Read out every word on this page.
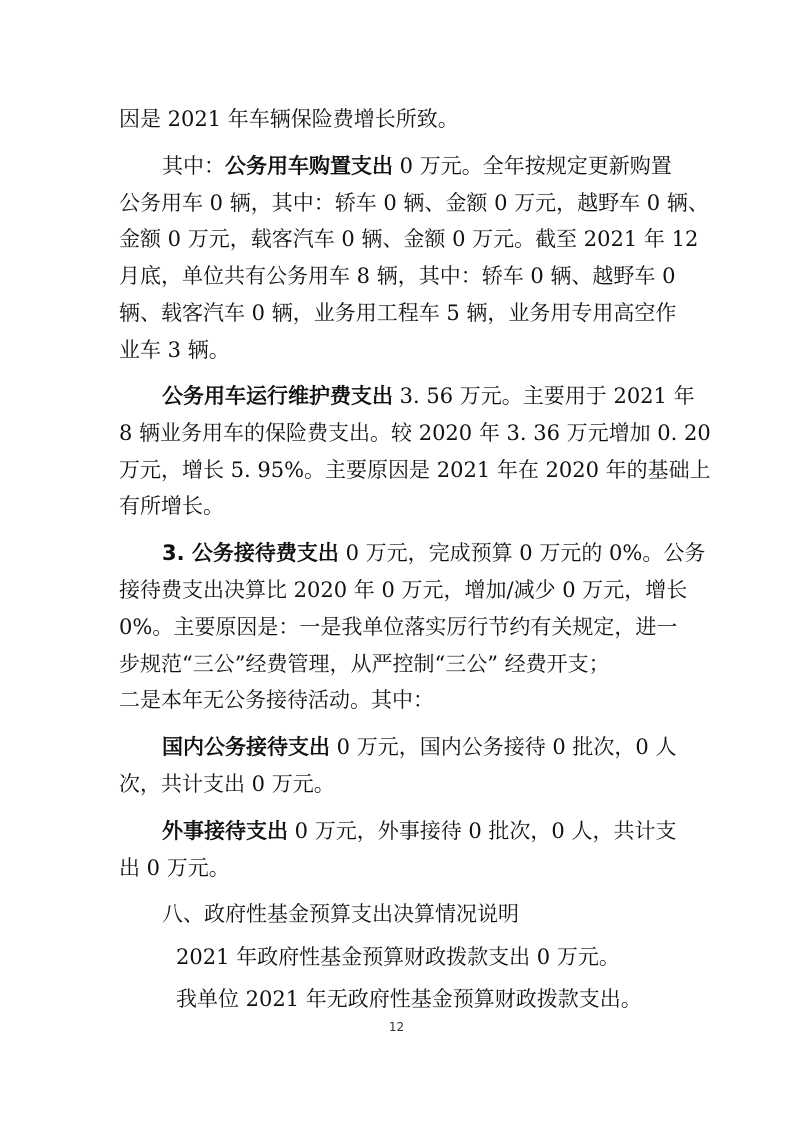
因是 2021 年车辆保险费增长所致。
其中：公务用车购置支出 0 万元。全年按规定更新购置
公务用车 0 辆，其中：轿车 0 辆、金额 0 万元，越野车 0 辆、
金额 0 万元，载客汽车 0 辆、金额 0 万元。截至 2021 年 12
月底，单位共有公务用车 8 辆，其中：轿车 0 辆、越野车 0
辆、载客汽车 0 辆，业务用工程车 5 辆，业务用专用高空作
业车 3 辆。
公务用车运行维护费支出 3. 56 万元。主要用于 2021 年
8 辆业务用车的保险费支出。较 2020 年 3. 36 万元增加 0. 20
万元，增长 5. 95%。主要原因是 2021 年在 2020 年的基础上
有所增长。
3. 公务接待费支出 0 万元，完成预算 0 万元的 0%。公务
接待费支出决算比 2020 年 0 万元，增加/减少 0 万元，增长
0%。主要原因是：一是我单位落实厉行节约有关规定，进一
步规范“三公”经费管理，从严控制“三公” 经费开支；
二是本年无公务接待活动。其中：
国内公务接待支出 0 万元，国内公务接待 0 批次，0 人
次，共计支出 0 万元。
外事接待支出 0 万元，外事接待 0 批次，0 人，共计支
出 0 万元。
八、政府性基金预算支出决算情况说明
2021 年政府性基金预算财政拨款支出 0 万元。
我单位 2021 年无政府性基金预算财政拨款支出。
12
